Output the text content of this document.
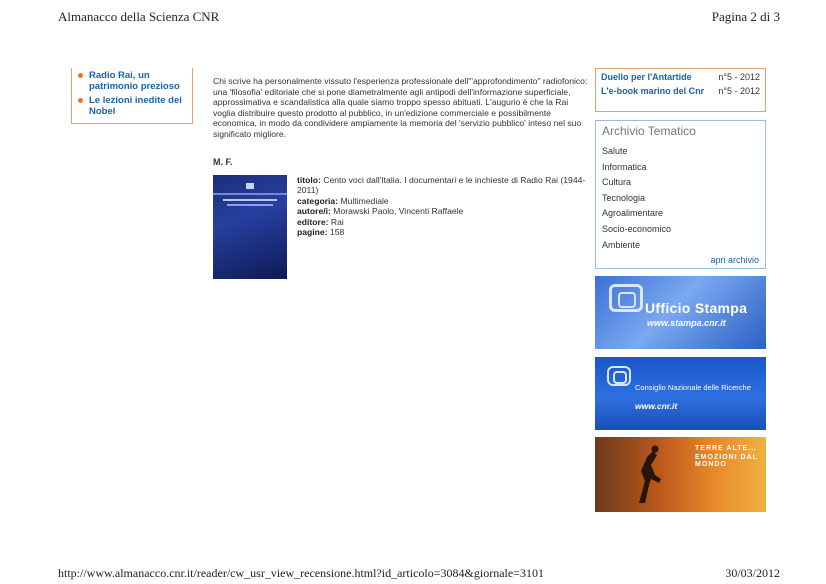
Almanacco della Scienza CNR	Pagina 2 di 3
Radio Rai, un patrimonio prezioso
Le lezioni inedite dei Nobel

Chi scrive ha personalmente vissuto l'esperienza professionale dell'"approfondimento" radiofonico: una 'filosofia' editoriale che si pone diametralmente agli antipodi dell'informazione superficiale, approssimativa e scandalistica alla quale siamo troppo spesso abituati. L'augurio è che la Rai voglia distribuire questo prodotto al pubblico, in un'edizione commerciale e possibilmente economica, in modo da condividere ampiamente la memoria del 'servizio pubblico' inteso nel suo significato migliore.

M. F.
titolo: Cento voci dall'Italia. I documentari e le inchieste di Radio Rai (1944-2011)
categoria: Multimediale
autore/i: Morawski Paolo, Vincenti Raffaele
editore: Rai
pagine: 158
Duello per l'Antartide	n°5 - 2012
L'e-book marino del Cnr	n°5 - 2012
Archivio Tematico
Salute
Informatica
Cultura
Tecnologia
Agroalimentare
Socio-economico
Ambiente
apri archivio
Ufficio Stampa
www.stampa.cnr.it
Consiglio Nazionale delle Ricerche
www.cnr.it
TERRE ALTE...
EMOZIONI DAL MONDO
http://www.almanacco.cnr.it/reader/cw_usr_view_recensione.html?id_articolo=3084&giornale=3101	30/03/2012
